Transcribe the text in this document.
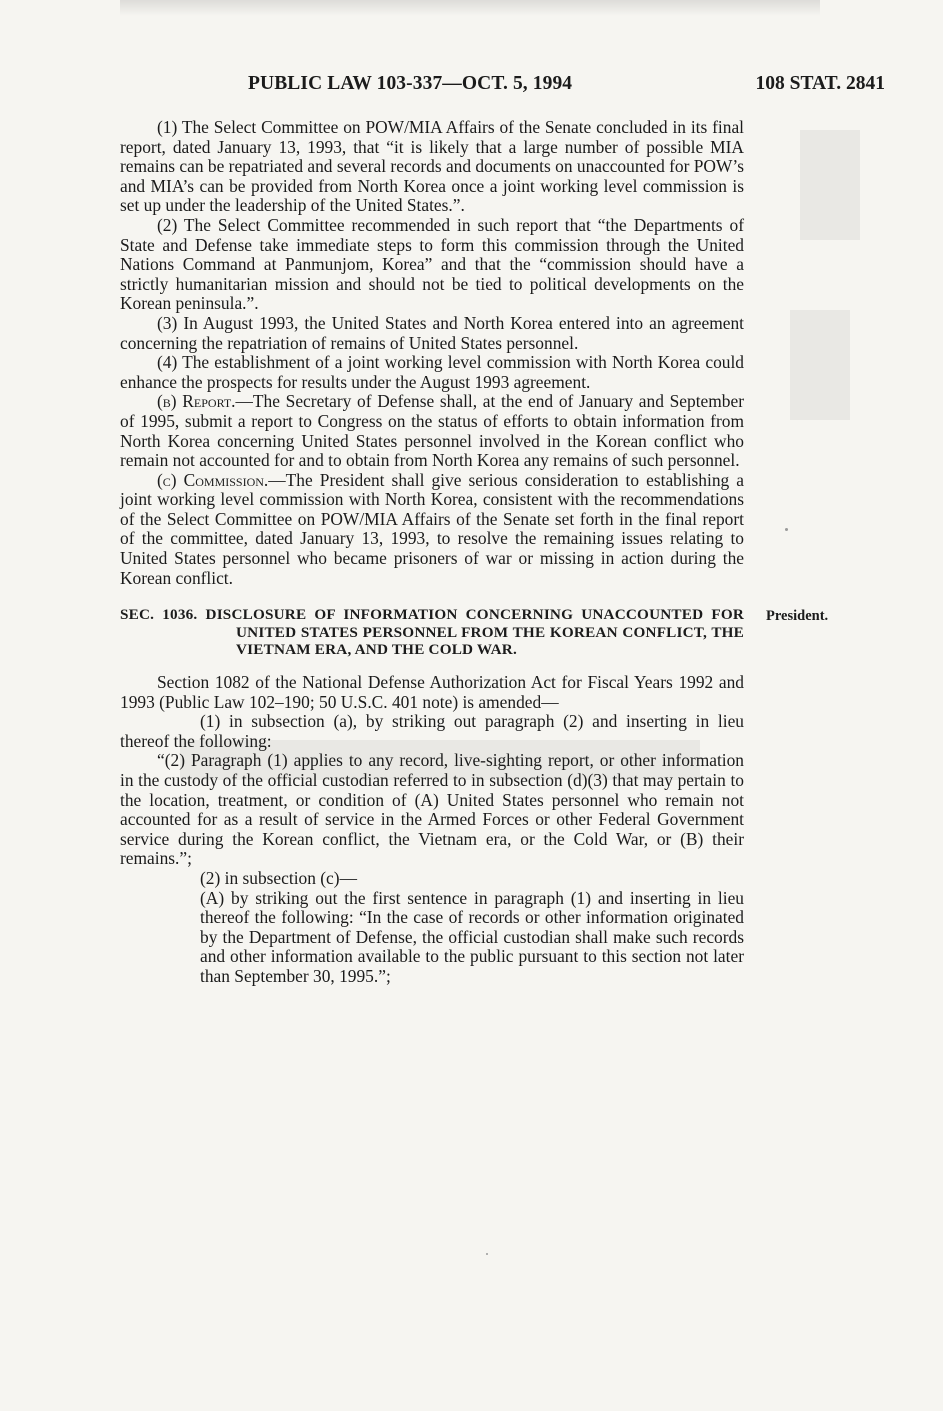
PUBLIC LAW 103-337—OCT. 5, 1994	108 STAT. 2841

(1) The Select Committee on POW/MIA Affairs of the Senate concluded in its final report, dated January 13, 1993, that “it is likely that a large number of possible MIA remains can be repatriated and several records and documents on unaccounted for POW’s and MIA’s can be provided from North Korea once a joint working level commission is set up under the leadership of the United States.”.

(2) The Select Committee recommended in such report that “the Departments of State and Defense take immediate steps to form this commission through the United Nations Command at Panmunjom, Korea” and that the “commission should have a strictly humanitarian mission and should not be tied to political developments on the Korean peninsula.”.

(3) In August 1993, the United States and North Korea entered into an agreement concerning the repatriation of remains of United States personnel.

(4) The establishment of a joint working level commission with North Korea could enhance the prospects for results under the August 1993 agreement.

(b) Report.—The Secretary of Defense shall, at the end of January and September of 1995, submit a report to Congress on the status of efforts to obtain information from North Korea concerning United States personnel involved in the Korean conflict who remain not accounted for and to obtain from North Korea any remains of such personnel.

(c) Commission.—The President shall give serious consideration to establishing a joint working level commission with North Korea, consistent with the recommendations of the Select Committee on POW/MIA Affairs of the Senate set forth in the final report of the committee, dated January 13, 1993, to resolve the remaining issues relating to United States personnel who became prisoners of war or missing in action during the Korean conflict.

SEC. 1036. DISCLOSURE OF INFORMATION CONCERNING UNACCOUNTED FOR UNITED STATES PERSONNEL FROM THE KOREAN CONFLICT, THE VIETNAM ERA, AND THE COLD WAR.

Section 1082 of the National Defense Authorization Act for Fiscal Years 1992 and 1993 (Public Law 102–190; 50 U.S.C. 401 note) is amended—

(1) in subsection (a), by striking out paragraph (2) and inserting in lieu thereof the following:

“(2) Paragraph (1) applies to any record, live-sighting report, or other information in the custody of the official custodian referred to in subsection (d)(3) that may pertain to the location, treatment, or condition of (A) United States personnel who remain not accounted for as a result of service in the Armed Forces or other Federal Government service during the Korean conflict, the Vietnam era, or the Cold War, or (B) their remains.”;

(2) in subsection (c)—

(A) by striking out the first sentence in paragraph (1) and inserting in lieu thereof the following: “In the case of records or other information originated by the Department of Defense, the official custodian shall make such records and other information available to the public pursuant to this section not later than September 30, 1995.”;

President.
